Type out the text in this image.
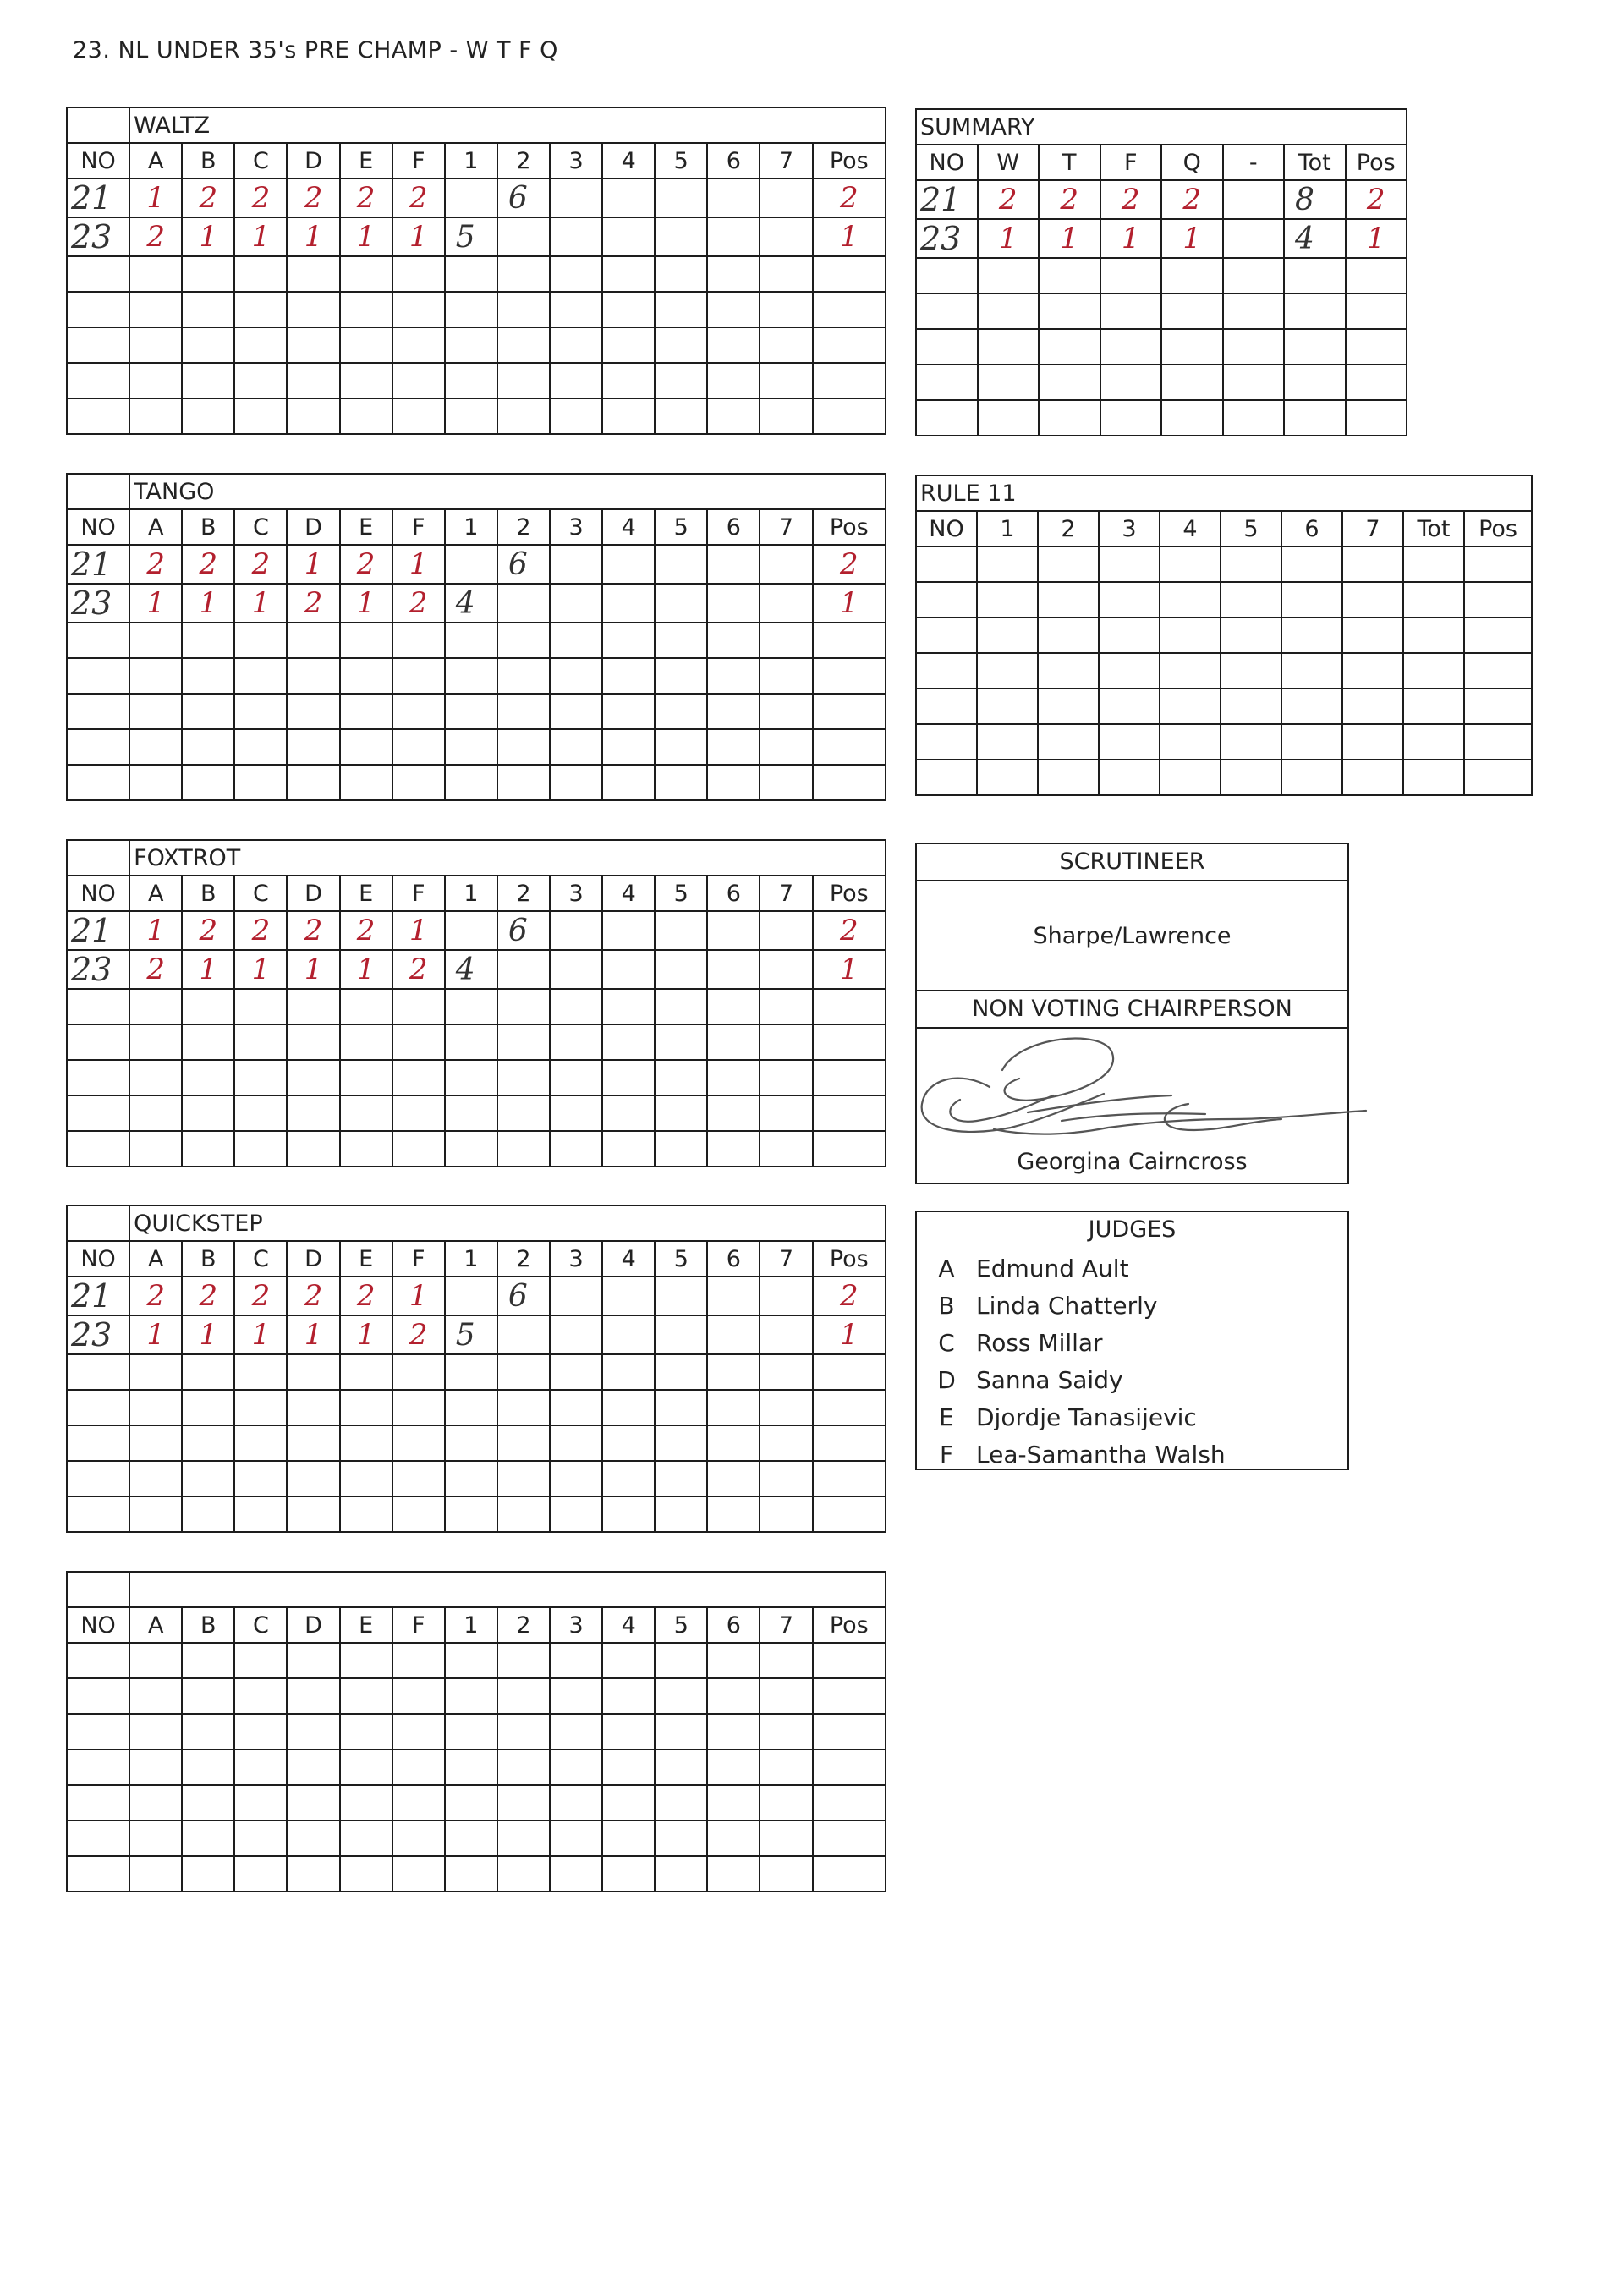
23. NL UNDER 35's PRE CHAMP - W T F Q
	WALTZ													
NO	A	B	C	D	E	F	1	2	3	4	5	6	7	Pos
21	1	2	2	2	2	2		6						2
23	2	1	1	1	1	1	5							1

	TANGO													
NO	A	B	C	D	E	F	1	2	3	4	5	6	7	Pos
21	2	2	2	1	2	1		6						2
23	1	1	1	2	1	2	4							1

	FOXTROT													
NO	A	B	C	D	E	F	1	2	3	4	5	6	7	Pos
21	1	2	2	2	2	1		6						2
23	2	1	1	1	1	2	4							1

	QUICKSTEP													
NO	A	B	C	D	E	F	1	2	3	4	5	6	7	Pos
21	2	2	2	2	2	1		6						2
23	1	1	1	1	1	2	5							1

NO	A	B	C	D	E	F	1	2	3	4	5	6	7	Pos

SUMMARY							
NO	W	T	F	Q	-	Tot	Pos
21	2	2	2	2		8	2
23	1	1	1	1		4	1

RULE 11									
NO	1	2	3	4	5	6	7	Tot	Pos

SCRUTINEER
Sharpe/Lawrence
NON VOTING CHAIRPERSON
Georgina Cairncross
JUDGES
A Edmund Ault
B Linda Chatterly
C Ross Millar
D Sanna Saidy
E Djordje Tanasijevic
F Lea-Samantha Walsh
